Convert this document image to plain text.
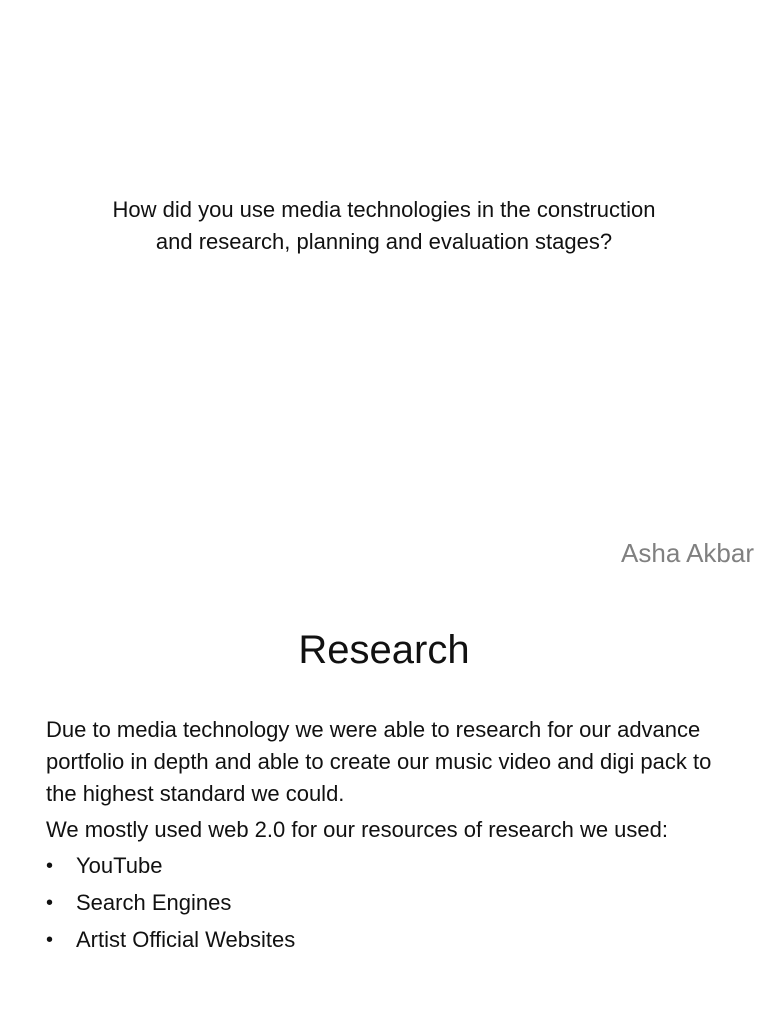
How did you use media technologies in the construction
and research, planning and evaluation stages?
Asha Akbar
Research

Due to media technology we were able to research for our advance portfolio in depth and able to create our music video and digi pack to the highest standard we could.

We mostly used web 2.0 for our resources of research we used:

• YouTube
• Search Engines
• Artist Official Websites
